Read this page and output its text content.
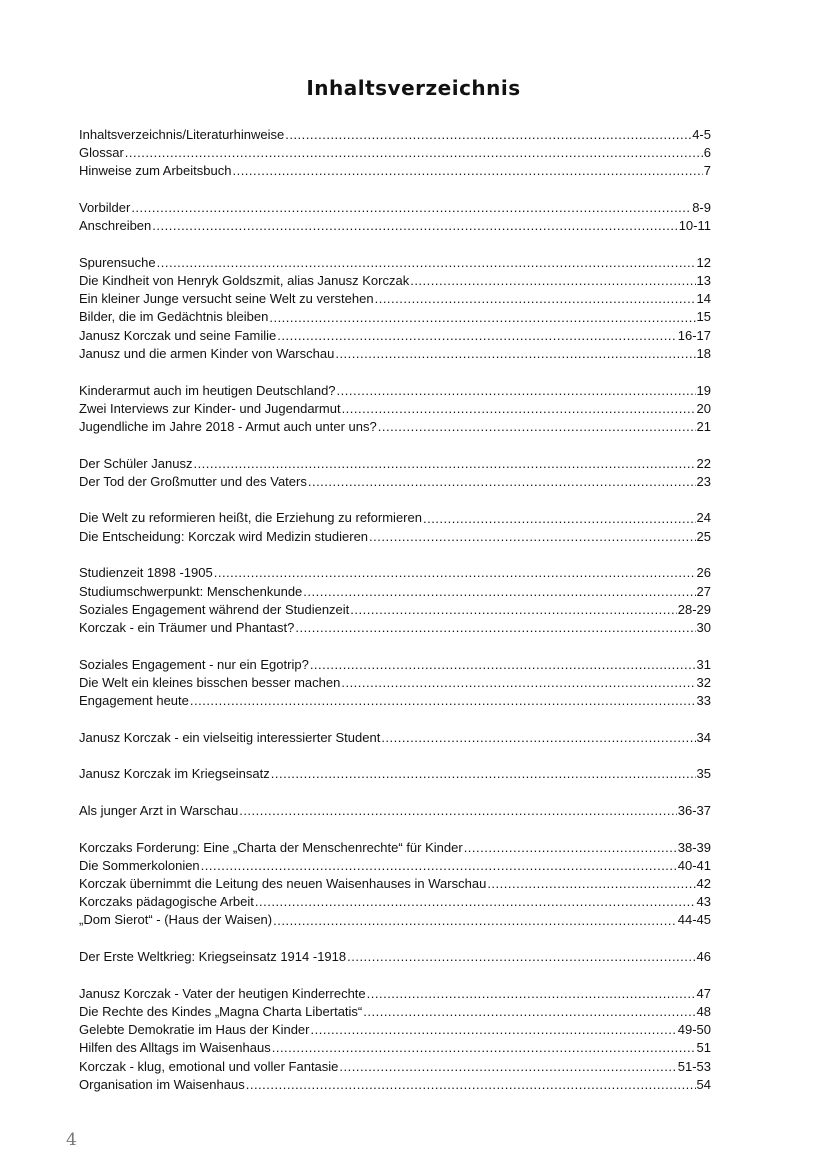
Inhaltsverzeichnis
Inhaltsverzeichnis/Literaturhinweise .....	4-5
Glossar .....	6
Hinweise zum Arbeitsbuch .....	7
Vorbilder .....	8-9
Anschreiben .....	10-11
Spurensuche .....	12
Die Kindheit von Henryk Goldszmit, alias Janusz Korczak .....	13
Ein kleiner Junge versucht seine Welt zu verstehen .....	14
Bilder, die im Gedächtnis bleiben .....	15
Janusz Korczak und seine Familie .....	16-17
Janusz und die armen Kinder von Warschau .....	18
Kinderarmut auch im heutigen Deutschland? .....	19
Zwei Interviews zur Kinder- und Jugendarmut .....	20
Jugendliche im Jahre 2018 - Armut auch unter uns? .....	21
Der Schüler Janusz .....	22
Der Tod der Großmutter und des Vaters .....	23
Die Welt zu reformieren heißt, die Erziehung zu reformieren .....	24
Die Entscheidung: Korczak wird Medizin studieren .....	25
Studienzeit 1898 -1905 .....	26
Studiumschwerpunkt: Menschenkunde .....	27
Soziales Engagement während der Studienzeit .....	28-29
Korczak - ein Träumer und Phantast? .....	30
Soziales Engagement - nur ein Egotrip? .....	31
Die Welt ein kleines bisschen besser machen .....	32
Engagement heute .....	33
Janusz Korczak - ein vielseitig interessierter Student .....	34
Janusz Korczak im Kriegseinsatz .....	35
Als junger Arzt in Warschau .....	36-37
Korczaks Forderung: Eine „Charta der Menschenrechte“ für Kinder .....	38-39
Die Sommerkolonien .....	40-41
Korczak übernimmt die Leitung des neuen Waisenhauses in Warschau .....	42
Korczaks pädagogische Arbeit .....	43
„Dom Sierot“ - (Haus der Waisen) .....	44-45
Der Erste Weltkrieg: Kriegseinsatz 1914 -1918 .....	46
Janusz Korczak - Vater der heutigen Kinderrechte .....	47
Die Rechte des Kindes „Magna Charta Libertatis“ .....	48
Gelebte Demokratie im Haus der Kinder .....	49-50
Hilfen des Alltags im Waisenhaus .....	51
Korczak - klug, emotional und voller Fantasie .....	51-53
Organisation im Waisenhaus .....	54
4
